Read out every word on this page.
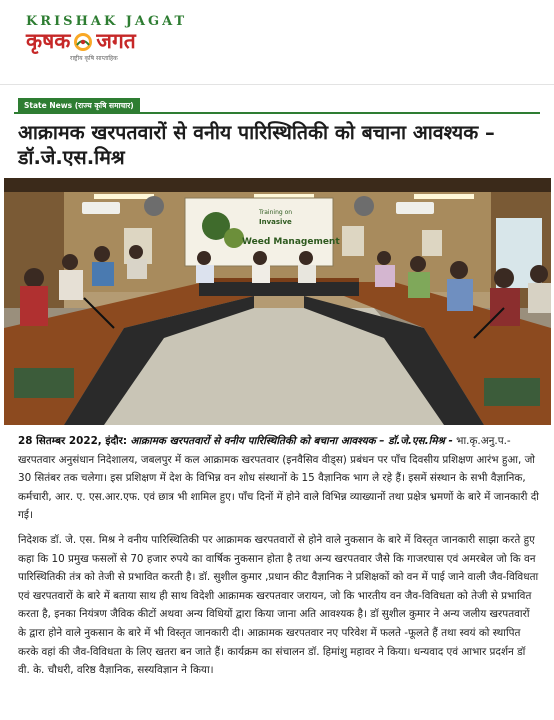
KRISHAK JAGAT
कृषक जगत
राष्ट्रीय कृषि साप्ताहिक
State News (राज्य कृषि समाचार)
आक्रामक खरपतवारों से वनीय पारिस्थितिकी को बचाना आवश्यक – डॉ.जे.एस.मिश्र
Training on
Invasive
Weed Management

28 सितम्बर 2022, इंदौर: आक्रामक खरपतवारों से वनीय पारिस्थितिकी को बचाना आवश्यक – डॉ.जे.एस.मिश्र - भा.कृ.अनु.प.- खरपतवार अनुसंधान निदेशालय, जबलपुर में कल आक्रामक खरपतवार (इनवैसिव वीड्स) प्रबंधन पर पाँच दिवसीय प्रशिक्षण आरंभ हुआ, जो 30 सितंबर तक चलेगा। इस प्रशिक्षण में देश के विभिन्न वन शोध संस्थानों के 15 वैज्ञानिक भाग ले रहे हैं। इसमें संस्थान के सभी वैज्ञानिक, कर्मचारी, आर. ए. एस.आर.एफ. एवं छात्र भी शामिल हुए। पाँच दिनों में होने वाले विभिन्न व्याख्यानों तथा प्रक्षेत्र भ्रमणों के बारे में जानकारी दी गई।

निदेशक डॉ. जे. एस. मिश्र ने वनीय पारिस्थितिकी पर आक्रामक खरपतवारों से होने वाले नुकसान के बारे में विस्तृत जानकारी साझा करते हुए कहा कि 10 प्रमुख फसलों से 70 हजार रुपये का वार्षिक नुकसान होता है तथा अन्य खरपतवार जैसे कि गाजरघास एवं अमरबेल जो कि वन पारिस्थितिकी तंत्र को तेजी से प्रभावित करती है। डॉ. सुशील कुमार ,प्रधान कीट वैज्ञानिक ने प्रशिक्षकों को वन में पाई जाने वाली जैव-विविधता एवं खरपतवारों के बारे में बताया साथ ही साथ विदेशी आक्रामक खरपतवार जरायन, जो कि भारतीय वन जैव-विविधता को तेजी से प्रभावित करता है, इनका नियंत्रण जैविक कीटों अथवा अन्य विधियों द्वारा किया जाना अति आवश्यक है। डॉ सुशील कुमार ने अन्य जलीय खरपतवारों के द्वारा होने वाले नुकसान के बारे में भी विस्तृत जानकारी दी। आक्रामक खरपतवार नए परिवेश में फलते -फूलते हैं तथा स्वयं को स्थापित करके वहां की जैव-विविधता के लिए खतरा बन जाते हैं। कार्यक्रम का संचालन डॉ. हिमांशु महावर ने किया। धन्यवाद एवं आभार प्रदर्शन डॉ वी. के. चौधरी, वरिष्ठ वैज्ञानिक, सस्यविज्ञान ने किया।
